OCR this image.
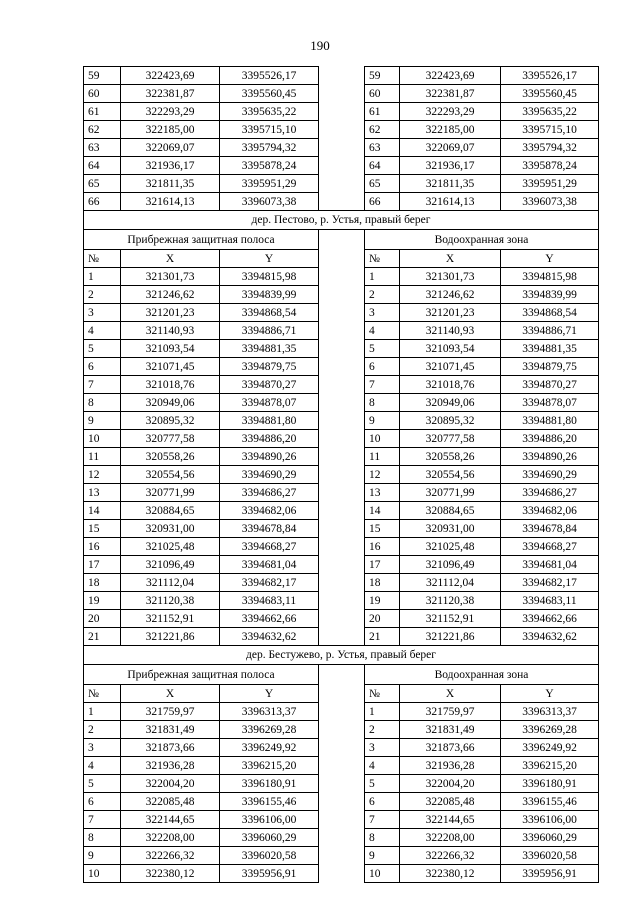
190
59	322423,69	3395526,17		59	322423,69	3395526,17
60	322381,87	3395560,45		60	322381,87	3395560,45
61	322293,29	3395635,22		61	322293,29	3395635,22
62	322185,00	3395715,10		62	322185,00	3395715,10
63	322069,07	3395794,32		63	322069,07	3395794,32
64	321936,17	3395878,24		64	321936,17	3395878,24
65	321811,35	3395951,29		65	321811,35	3395951,29
66	321614,13	3396073,38		66	321614,13	3396073,38
дер. Пестово, р. Устья, правый берег						
Прибрежная защитная полоса				Водоохранная зона		
№	X	Y		№	X	Y
1	321301,73	3394815,98		1	321301,73	3394815,98
2	321246,62	3394839,99		2	321246,62	3394839,99
3	321201,23	3394868,54		3	321201,23	3394868,54
4	321140,93	3394886,71		4	321140,93	3394886,71
5	321093,54	3394881,35		5	321093,54	3394881,35
6	321071,45	3394879,75		6	321071,45	3394879,75
7	321018,76	3394870,27		7	321018,76	3394870,27
8	320949,06	3394878,07		8	320949,06	3394878,07
9	320895,32	3394881,80		9	320895,32	3394881,80
10	320777,58	3394886,20		10	320777,58	3394886,20
11	320558,26	3394890,26		11	320558,26	3394890,26
12	320554,56	3394690,29		12	320554,56	3394690,29
13	320771,99	3394686,27		13	320771,99	3394686,27
14	320884,65	3394682,06		14	320884,65	3394682,06
15	320931,00	3394678,84		15	320931,00	3394678,84
16	321025,48	3394668,27		16	321025,48	3394668,27
17	321096,49	3394681,04		17	321096,49	3394681,04
18	321112,04	3394682,17		18	321112,04	3394682,17
19	321120,38	3394683,11		19	321120,38	3394683,11
20	321152,91	3394662,66		20	321152,91	3394662,66
21	321221,86	3394632,62		21	321221,86	3394632,62
дер. Бестужево, р. Устья, правый берег						
Прибрежная защитная полоса				Водоохранная зона		
№	X	Y		№	X	Y
1	321759,97	3396313,37		1	321759,97	3396313,37
2	321831,49	3396269,28		2	321831,49	3396269,28
3	321873,66	3396249,92		3	321873,66	3396249,92
4	321936,28	3396215,20		4	321936,28	3396215,20
5	322004,20	3396180,91		5	322004,20	3396180,91
6	322085,48	3396155,46		6	322085,48	3396155,46
7	322144,65	3396106,00		7	322144,65	3396106,00
8	322208,00	3396060,29		8	322208,00	3396060,29
9	322266,32	3396020,58		9	322266,32	3396020,58
10	322380,12	3395956,91		10	322380,12	3395956,91
